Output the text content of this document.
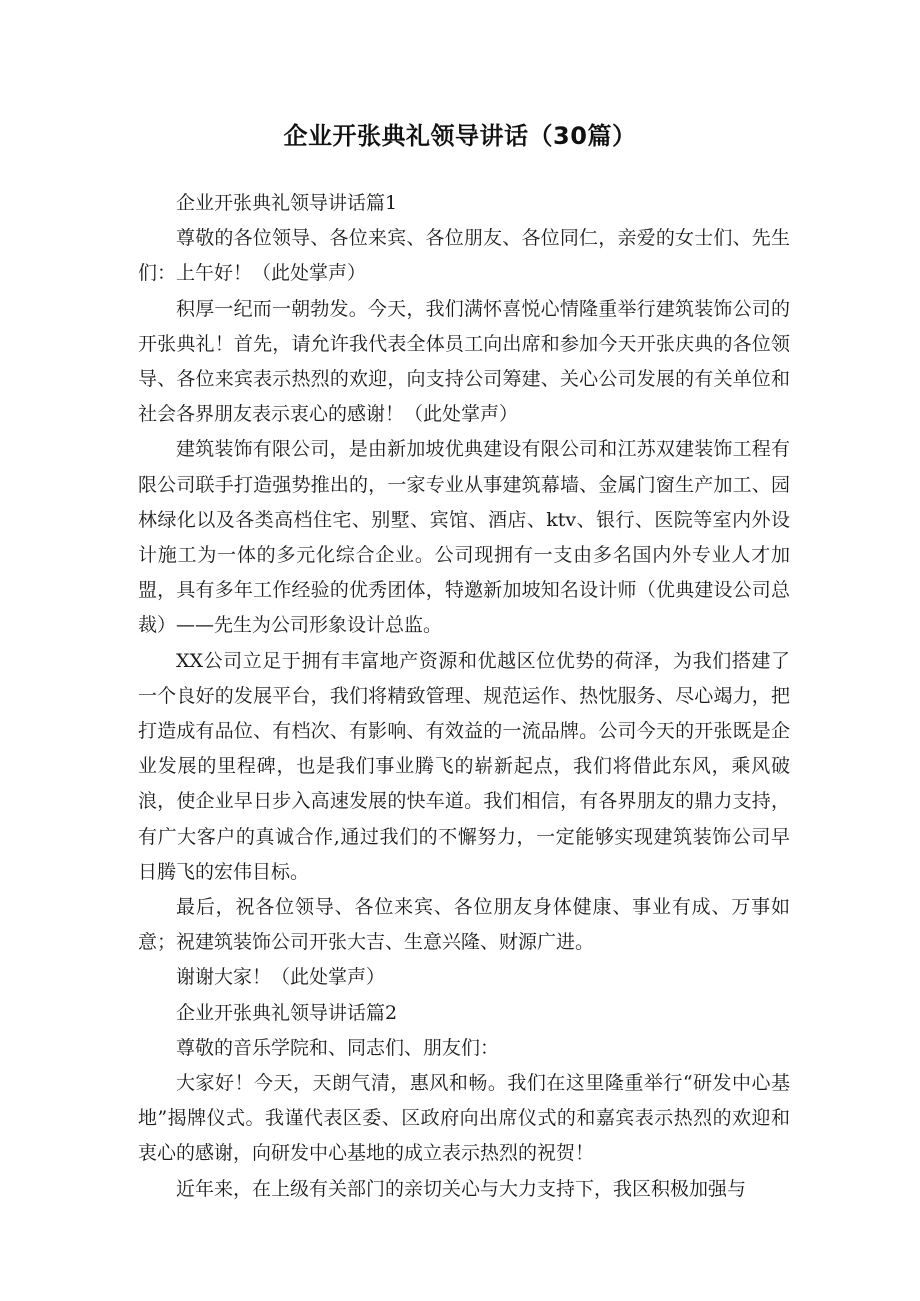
企业开张典礼领导讲话（30篇）

企业开张典礼领导讲话篇1

尊敬的各位领导、各位来宾、各位朋友、各位同仁，亲爱的女士们、先生们：上午好！（此处掌声）

积厚一纪而一朝勃发。今天，我们满怀喜悦心情隆重举行建筑装饰公司的开张典礼！首先，请允许我代表全体员工向出席和参加今天开张庆典的各位领导、各位来宾表示热烈的欢迎，向支持公司筹建、关心公司发展的有关单位和社会各界朋友表示衷心的感谢！（此处掌声）

建筑装饰有限公司，是由新加坡优典建设有限公司和江苏双建装饰工程有限公司联手打造强势推出的，一家专业从事建筑幕墙、金属门窗生产加工、园林绿化以及各类高档住宅、别墅、宾馆、酒店、ktv、银行、医院等室内外设计施工为一体的多元化综合企业。公司现拥有一支由多名国内外专业人才加盟，具有多年工作经验的优秀团体，特邀新加坡知名设计师（优典建设公司总裁）——先生为公司形象设计总监。

XX公司立足于拥有丰富地产资源和优越区位优势的荷泽，为我们搭建了一个良好的发展平台，我们将精致管理、规范运作、热忱服务、尽心竭力，把打造成有品位、有档次、有影响、有效益的一流品牌。公司今天的开张既是企业发展的里程碑，也是我们事业腾飞的崭新起点，我们将借此东风，乘风破浪，使企业早日步入高速发展的快车道。我们相信，有各界朋友的鼎力支持，有广大客户的真诚合作,通过我们的不懈努力，一定能够实现建筑装饰公司早日腾飞的宏伟目标。

最后，祝各位领导、各位来宾、各位朋友身体健康、事业有成、万事如意；祝建筑装饰公司开张大吉、生意兴隆、财源广进。

谢谢大家！（此处掌声）

企业开张典礼领导讲话篇2

尊敬的音乐学院和、同志们、朋友们：

大家好！今天，天朗气清，惠风和畅。我们在这里隆重举行“研发中心基地”揭牌仪式。我谨代表区委、区政府向出席仪式的和嘉宾表示热烈的欢迎和衷心的感谢，向研发中心基地的成立表示热烈的祝贺！

近年来，在上级有关部门的亲切关心与大力支持下，我区积极加强与
